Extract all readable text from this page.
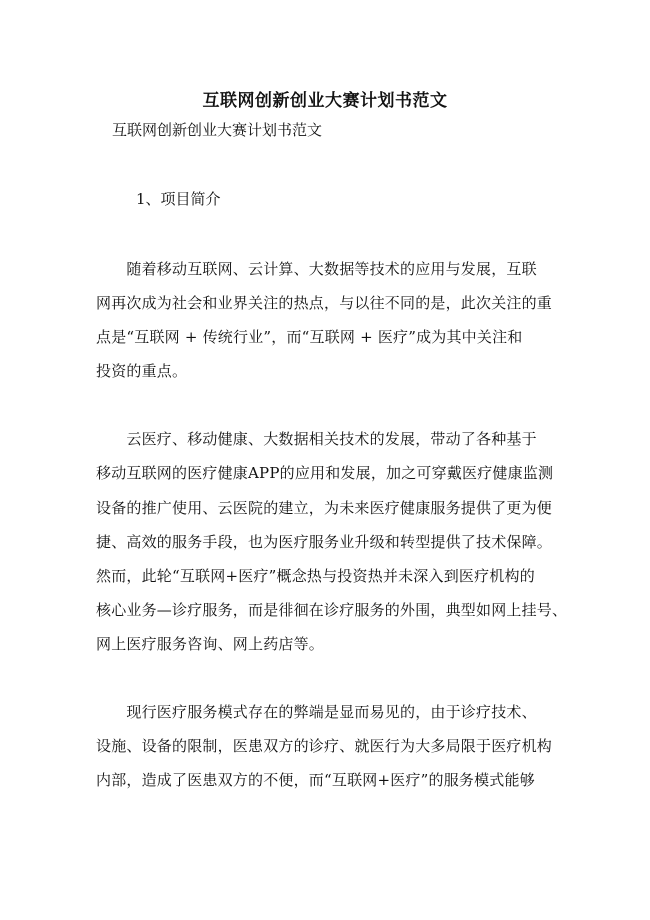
互联网创新创业大赛计划书范文
互联网创新创业大赛计划书范文
1、项目简介
　　随着移动互联网、云计算、大数据等技术的应用与发展，互联
网再次成为社会和业界关注的热点，与以往不同的是，此次关注的重
点是“互联网 + 传统行业”，而“互联网 + 医疗”成为其中关注和
投资的重点。
　　云医疗、移动健康、大数据相关技术的发展，带动了各种基于
移动互联网的医疗健康APP的应用和发展，加之可穿戴医疗健康监测
设备的推广使用、云医院的建立，为未来医疗健康服务提供了更为便
捷、高效的服务手段，也为医疗服务业升级和转型提供了技术保障。
然而，此轮“互联网+医疗”概念热与投资热并未深入到医疗机构的
核心业务—诊疗服务，而是徘徊在诊疗服务的外围，典型如网上挂号、
网上医疗服务咨询、网上药店等。
　　现行医疗服务模式存在的弊端是显而易见的，由于诊疗技术、
设施、设备的限制，医患双方的诊疗、就医行为大多局限于医疗机构
内部，造成了医患双方的不便，而“互联网+医疗”的服务模式能够
